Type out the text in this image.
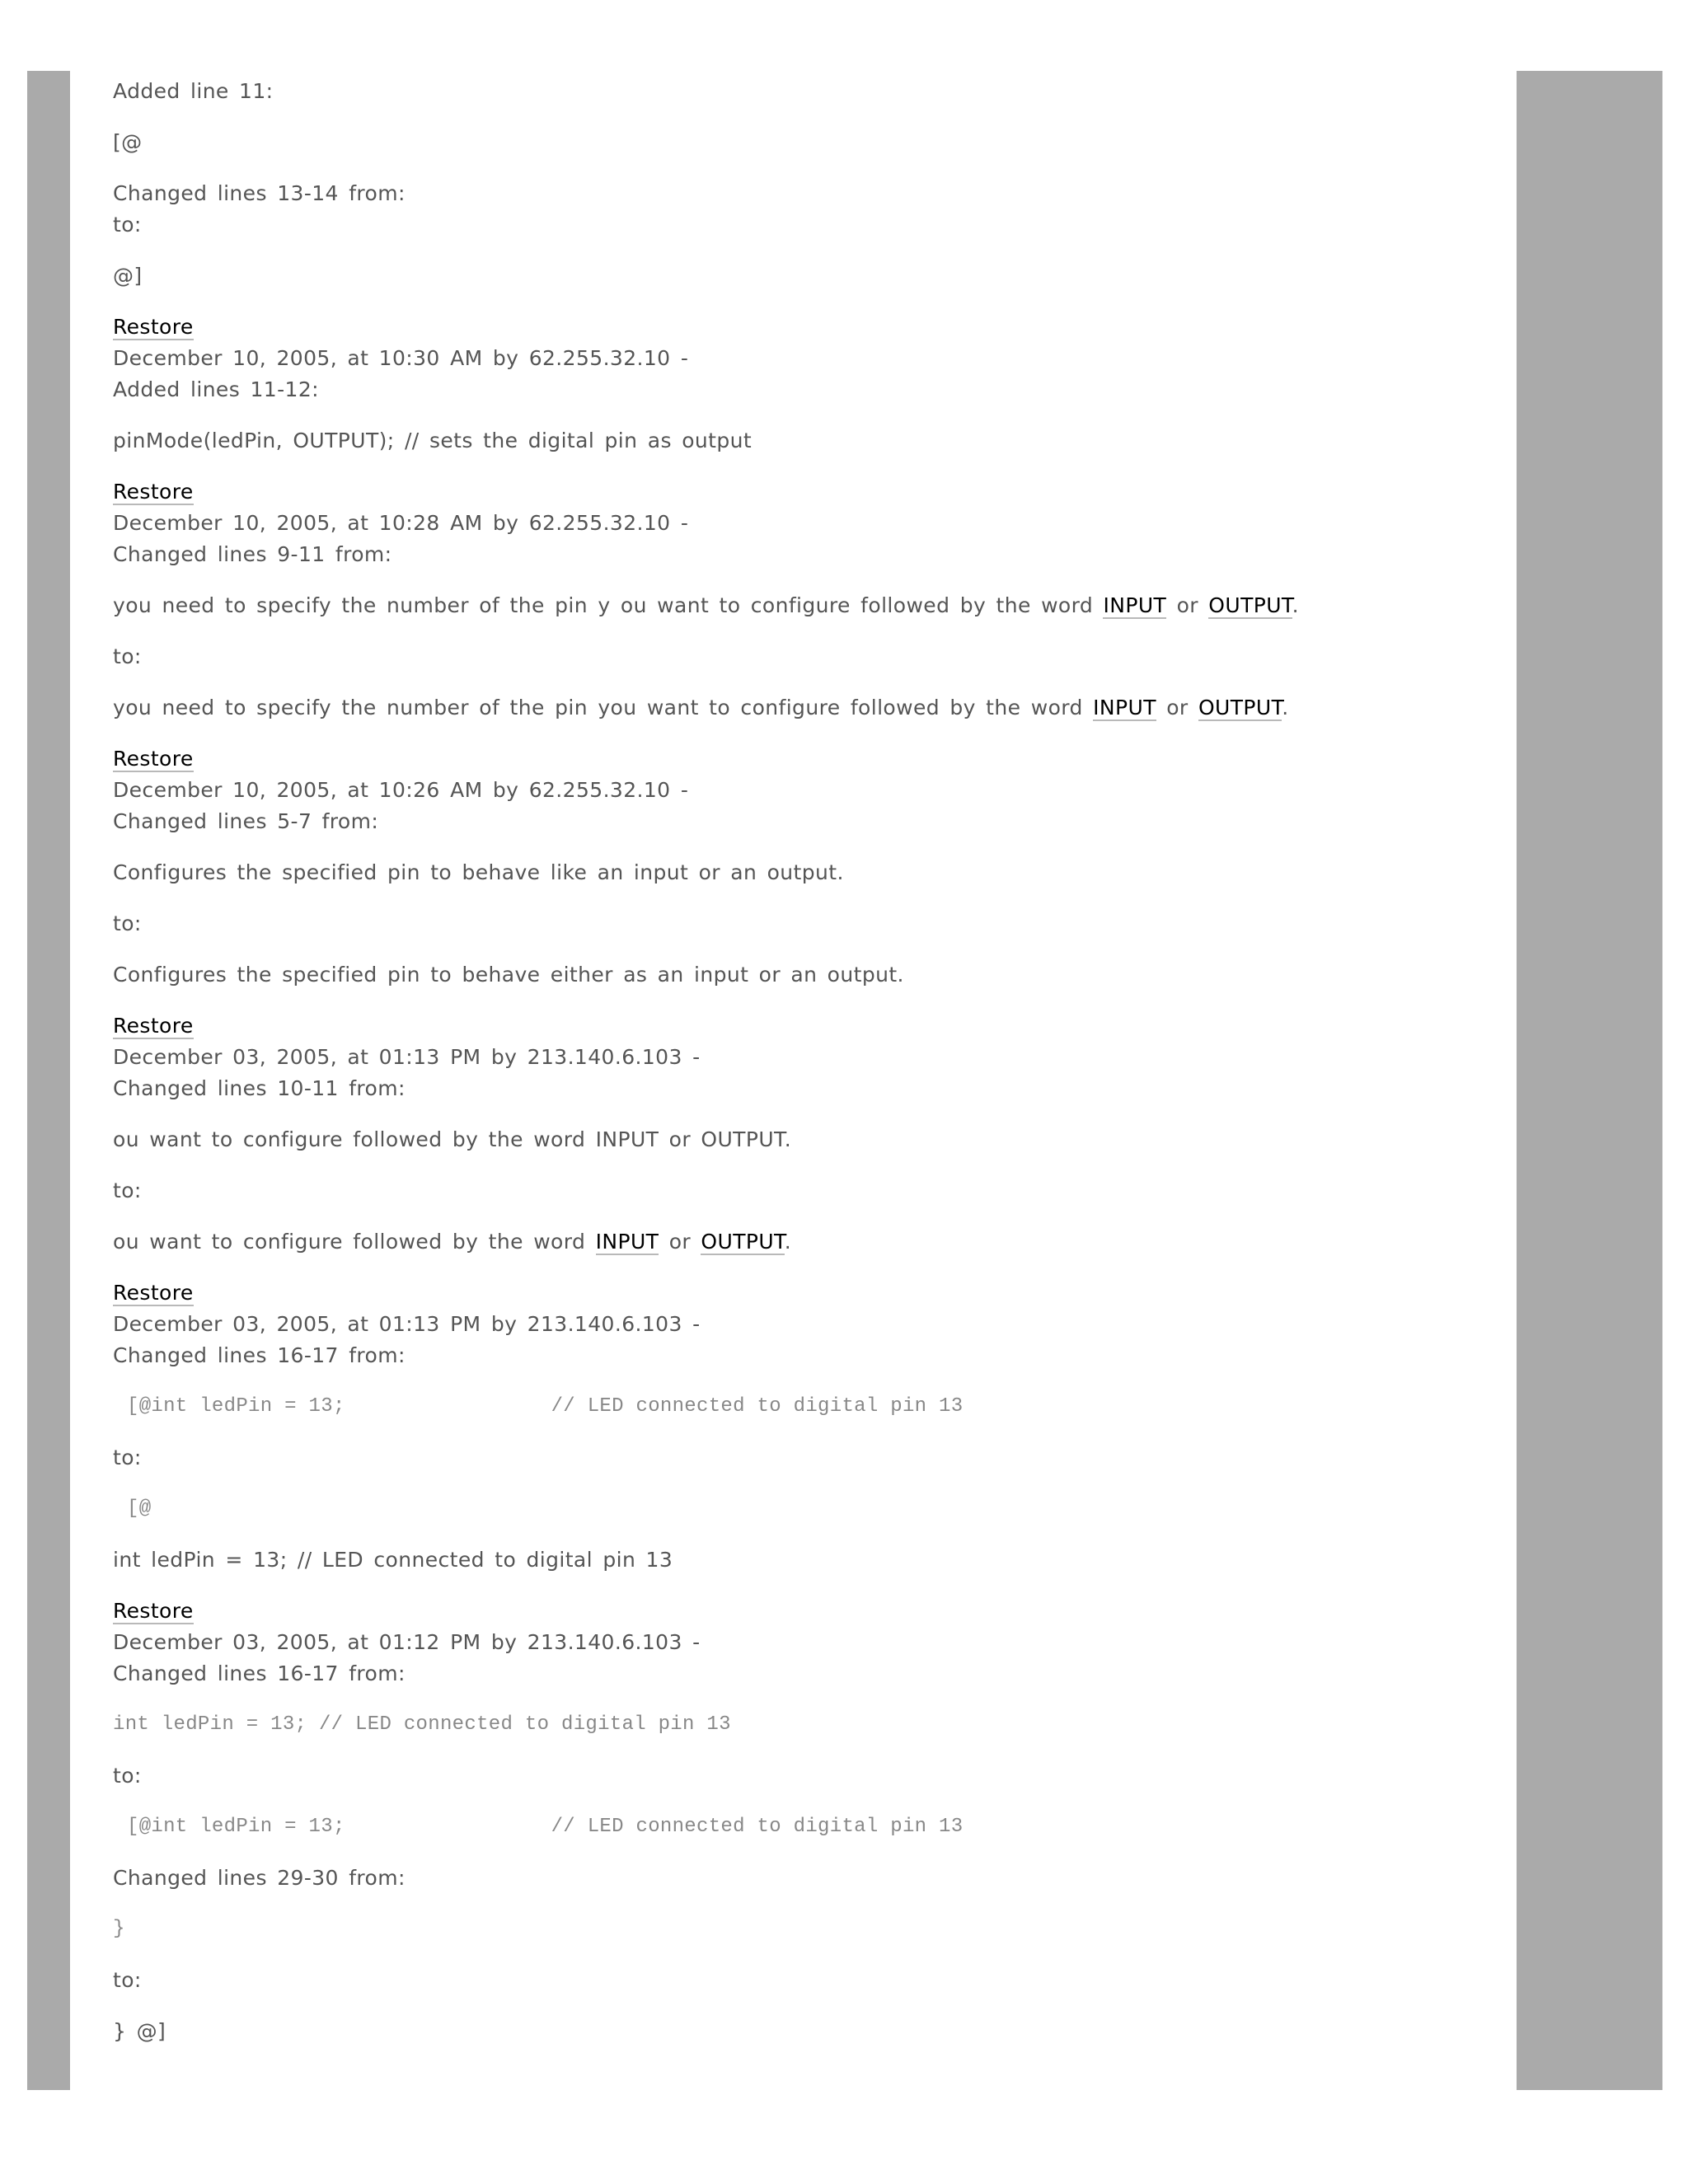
Added line 11:
[@
Changed lines 13-14 from:
to:
@]
Restore
December 10, 2005, at 10:30 AM by 62.255.32.10 -
Added lines 11-12:
pinMode(ledPin, OUTPUT); // sets the digital pin as output
Restore
December 10, 2005, at 10:28 AM by 62.255.32.10 -
Changed lines 9-11 from:
you need to specify the number of the pin y ou want to configure followed by the word INPUT or OUTPUT.
to:
you need to specify the number of the pin you want to configure followed by the word INPUT or OUTPUT.
Restore
December 10, 2005, at 10:26 AM by 62.255.32.10 -
Changed lines 5-7 from:
Configures the specified pin to behave like an input or an output.
to:
Configures the specified pin to behave either as an input or an output.
Restore
December 03, 2005, at 01:13 PM by 213.140.6.103 -
Changed lines 10-11 from:
ou want to configure followed by the word INPUT or OUTPUT.
to:
ou want to configure followed by the word INPUT or OUTPUT.
Restore
December 03, 2005, at 01:13 PM by 213.140.6.103 -
Changed lines 16-17 from:
[@int ledPin = 13;                 // LED connected to digital pin 13
to:
[@
int ledPin = 13; // LED connected to digital pin 13
Restore
December 03, 2005, at 01:12 PM by 213.140.6.103 -
Changed lines 16-17 from:
int ledPin = 13; // LED connected to digital pin 13
to:
[@int ledPin = 13;                 // LED connected to digital pin 13
Changed lines 29-30 from:
}
to:
} @]
